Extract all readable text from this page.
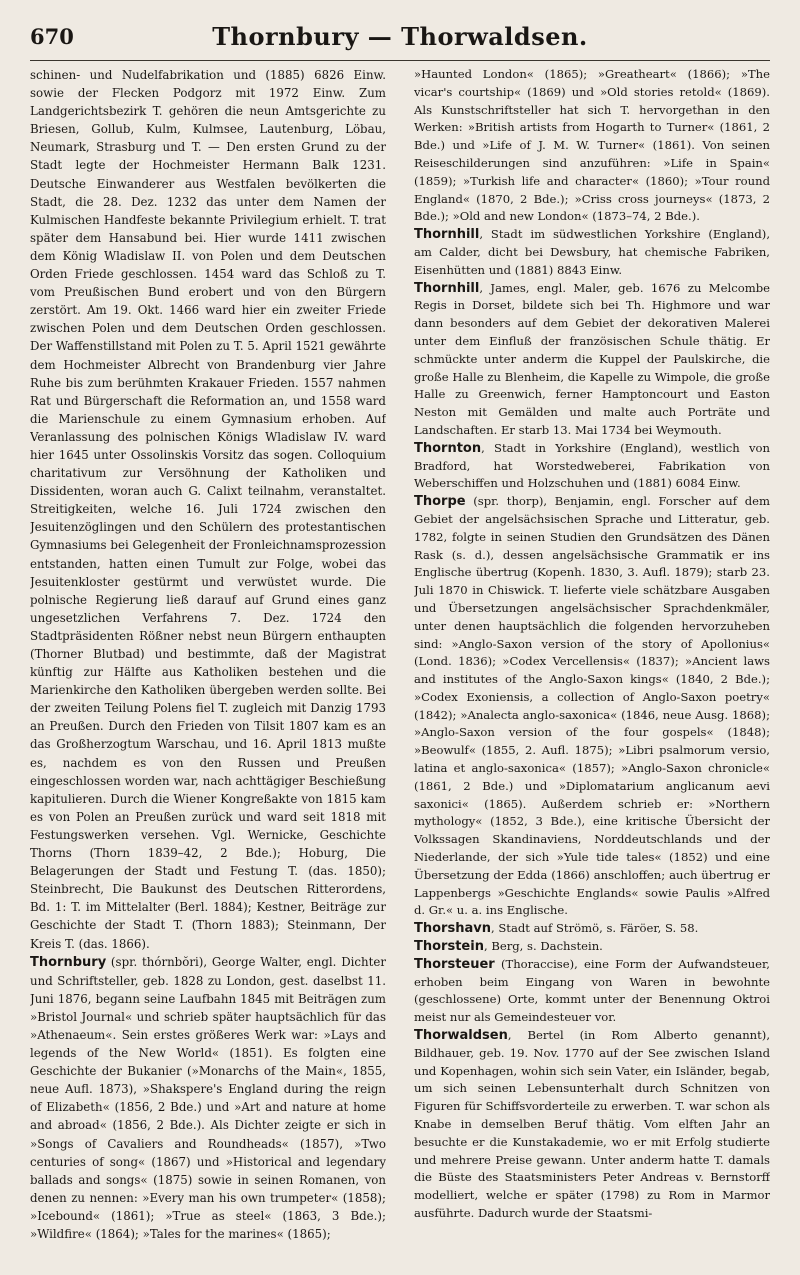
670	Thornbury — Thorwaldsen.

schinen- und Nudelfabrikation und (1885) 6826 Einw. sowie der Flecken Podgorz mit 1972 Einw. Zum Landgerichtsbezirk T. gehören die neun Amtsgerichte zu Briesen, Gollub, Kulm, Kulmsee, Lautenburg, Löbau, Neumark, Strasburg und T. — Den ersten Grund zu der Stadt legte der Hochmeister Hermann Balk 1231. Deutsche Einwanderer aus Westfalen bevölkerten die Stadt, die 28. Dez. 1232 das unter dem Namen der Kulmischen Handfeste bekannte Privilegium erhielt. T. trat später dem Hansabund bei. Hier wurde 1411 zwischen dem König Wladislaw II. von Polen und dem Deutschen Orden Friede geschlossen. 1454 ward das Schloß zu T. vom Preußischen Bund erobert und von den Bürgern zerstört. Am 19. Okt. 1466 ward hier ein zweiter Friede zwischen Polen und dem Deutschen Orden geschlossen. Der Waffenstillstand mit Polen zu T. 5. April 1521 gewährte dem Hochmeister Albrecht von Brandenburg vier Jahre Ruhe bis zum berühmten Krakauer Frieden. 1557 nahmen Rat und Bürgerschaft die Reformation an, und 1558 ward die Marienschule zu einem Gymnasium erhoben. Auf Veranlassung des polnischen Königs Wladislaw IV. ward hier 1645 unter Ossolinskis Vorsitz das sogen. Colloquium charitativum zur Versöhnung der Katholiken und Dissidenten, woran auch G. Calixt teilnahm, veranstaltet. Streitigkeiten, welche 16. Juli 1724 zwischen den Jesuitenzöglingen und den Schülern des protestantischen Gymnasiums bei Gelegenheit der Fronleichnamsprozession entstanden, hatten einen Tumult zur Folge, wobei das Jesuitenkloster gestürmt und verwüstet wurde. Die polnische Regierung ließ darauf auf Grund eines ganz ungesetzlichen Verfahrens 7. Dez. 1724 den Stadtpräsidenten Rößner nebst neun Bürgern enthaupten (Thorner Blutbad) und bestimmte, daß der Magistrat künftig zur Hälfte aus Katholiken bestehen und die Marienkirche den Katholiken übergeben werden sollte. Bei der zweiten Teilung Polens fiel T. zugleich mit Danzig 1793 an Preußen. Durch den Frieden von Tilsit 1807 kam es an das Großherzogtum Warschau, und 16. April 1813 mußte es, nachdem es von den Russen und Preußen eingeschlossen worden war, nach achttägiger Beschießung kapitulieren. Durch die Wiener Kongreßakte von 1815 kam es von Polen an Preußen zurück und ward seit 1818 mit Festungswerken versehen. Vgl. Wernicke, Geschichte Thorns (Thorn 1839–42, 2 Bde.); Hoburg, Die Belagerungen der Stadt und Festung T. (das. 1850); Steinbrecht, Die Baukunst des Deutschen Ritterordens, Bd. 1: T. im Mittelalter (Berl. 1884); Kestner, Beiträge zur Geschichte der Stadt T. (Thorn 1883); Steinmann, Der Kreis T. (das. 1866).

Thornbury (spr. thórnbŏri), George Walter, engl. Dichter und Schriftsteller, geb. 1828 zu London, gest. daselbst 11. Juni 1876, begann seine Laufbahn 1845 mit Beiträgen zum »Bristol Journal« und schrieb später hauptsächlich für das »Athenaeum«. Sein erstes größeres Werk war: »Lays and legends of the New World« (1851). Es folgten eine Geschichte der Bukanier (»Monarchs of the Main«, 1855, neue Aufl. 1873), »Shakspere's England during the reign of Elizabeth« (1856, 2 Bde.) und »Art and nature at home and abroad« (1856, 2 Bde.). Als Dichter zeigte er sich in »Songs of Cavaliers and Roundheads« (1857), »Two centuries of song« (1867) und »Historical and legendary ballads and songs« (1875) sowie in seinen Romanen, von denen zu nennen: »Every man his own trumpeter« (1858); »Icebound« (1861); »True as steel« (1863, 3 Bde.); »Wildfire« (1864); »Tales for the marines« (1865);

»Haunted London« (1865); »Greatheart« (1866); »The vicar's courtship« (1869) und »Old stories retold« (1869). Als Kunstschriftsteller hat sich T. hervorgethan in den Werken: »British artists from Hogarth to Turner« (1861, 2 Bde.) und »Life of J. M. W. Turner« (1861). Von seinen Reiseschilderungen sind anzuführen: »Life in Spain« (1859); »Turkish life and character« (1860); »Tour round England« (1870, 2 Bde.); »Criss cross journeys« (1873, 2 Bde.); »Old and new London« (1873–74, 2 Bde.).

Thornhill, Stadt im südwestlichen Yorkshire (England), am Calder, dicht bei Dewsbury, hat chemische Fabriken, Eisenhütten und (1881) 8843 Einw.

Thornhill, James, engl. Maler, geb. 1676 zu Melcombe Regis in Dorset, bildete sich bei Th. Highmore und war dann besonders auf dem Gebiet der dekorativen Malerei unter dem Einfluß der französischen Schule thätig. Er schmückte unter anderm die Kuppel der Paulskirche, die große Halle zu Blenheim, die Kapelle zu Wimpole, die große Halle zu Greenwich, ferner Hamptoncourt und Easton Neston mit Gemälden und malte auch Porträte und Landschaften. Er starb 13. Mai 1734 bei Weymouth.

Thornton, Stadt in Yorkshire (England), westlich von Bradford, hat Worstedweberei, Fabrikation von Weberschiffen und Holzschuhen und (1881) 6084 Einw.

Thorpe (spr. thorp), Benjamin, engl. Forscher auf dem Gebiet der angelsächsischen Sprache und Litteratur, geb. 1782, folgte in seinen Studien den Grundsätzen des Dänen Rask (s. d.), dessen angelsächsische Grammatik er ins Englische übertrug (Kopenh. 1830, 3. Aufl. 1879); starb 23. Juli 1870 in Chiswick. T. lieferte viele schätzbare Ausgaben und Übersetzungen angelsächsischer Sprachdenkmäler, unter denen hauptsächlich die folgenden hervorzuheben sind: »Anglo-Saxon version of the story of Apollonius« (Lond. 1836); »Codex Vercellensis« (1837); »Ancient laws and institutes of the Anglo-Saxon kings« (1840, 2 Bde.); »Codex Exoniensis, a collection of Anglo-Saxon poetry« (1842); »Analecta anglo-saxonica« (1846, neue Ausg. 1868); »Anglo-Saxon version of the four gospels« (1848); »Beowulf« (1855, 2. Aufl. 1875); »Libri psalmorum versio, latina et anglo-saxonica« (1857); »Anglo-Saxon chronicle« (1861, 2 Bde.) und »Diplomatarium anglicanum aevi saxonici« (1865). Außerdem schrieb er: »Northern mythology« (1852, 3 Bde.), eine kritische Übersicht der Volkssagen Skandinaviens, Norddeutschlands und der Niederlande, der sich »Yule tide tales« (1852) und eine Übersetzung der Edda (1866) anschloffen; auch übertrug er Lappenbergs »Geschichte Englands« sowie Paulis »Alfred d. Gr.« u. a. ins Englische.

Thorshavn, Stadt auf Strömö, s. Färöer, S. 58.

Thorstein, Berg, s. Dachstein.

Thorsteuer (Thoraccise), eine Form der Aufwandsteuer, erhoben beim Eingang von Waren in bewohnte (geschlossene) Orte, kommt unter der Benennung Oktroi meist nur als Gemeindesteuer vor.

Thorwaldsen, Bertel (in Rom Alberto genannt), Bildhauer, geb. 19. Nov. 1770 auf der See zwischen Island und Kopenhagen, wohin sich sein Vater, ein Isländer, begab, um sich seinen Lebensunterhalt durch Schnitzen von Figuren für Schiffsvorderteile zu erwerben. T. war schon als Knabe in demselben Beruf thätig. Vom elften Jahr an besuchte er die Kunstakademie, wo er mit Erfolg studierte und mehrere Preise gewann. Unter anderm hatte T. damals die Büste des Staatsministers Peter Andreas v. Bernstorff modelliert, welche er später (1798) zu Rom in Marmor ausführte. Dadurch wurde der Staatsmi-
